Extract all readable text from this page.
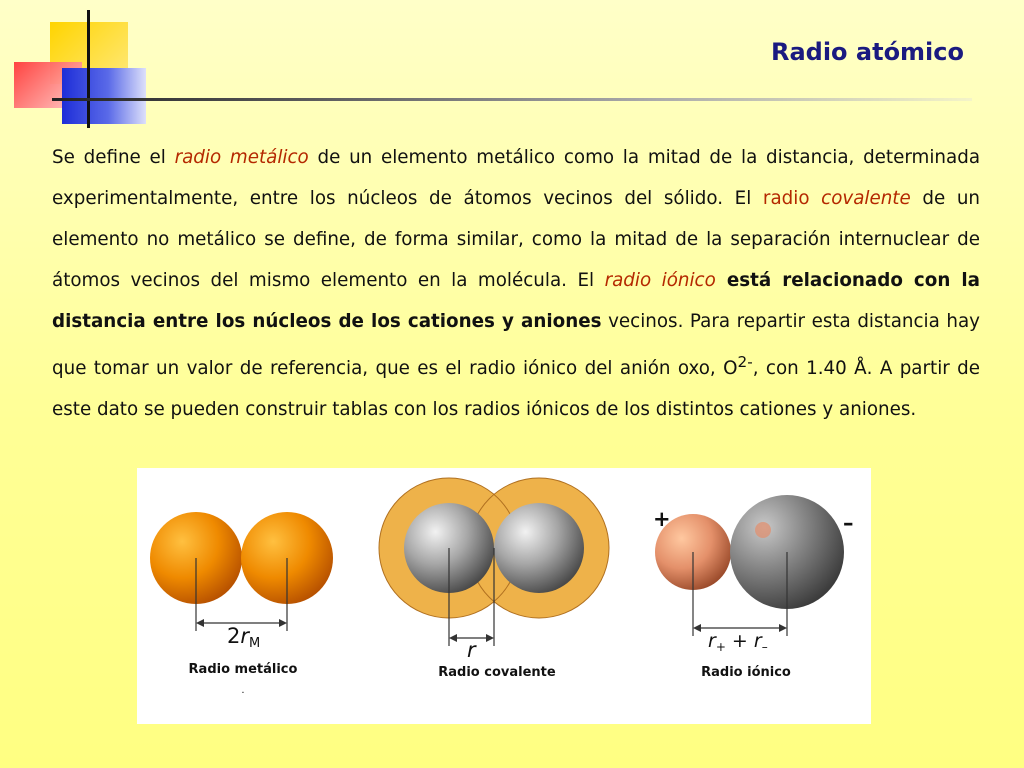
Radio atómico

Se define el radio metálico de un elemento metálico como la mitad de la distancia, determinada experimentalmente, entre los núcleos de átomos vecinos del sólido. El radio covalente de un elemento no metálico se define, de forma similar, como la mitad de la separación internuclear de átomos vecinos del mismo elemento en la molécula. El radio iónico está relacionado con la distancia entre los núcleos de los cationes y aniones vecinos. Para repartir esta distancia hay que tomar un valor de referencia, que es el radio iónico del anión oxo, $O^{2-}$, con 1.40 Å. A partir de este dato se pueden construir tablas con los radios iónicos de los distintos cationes y aniones.

2rM
Radio metálico
.
r
Radio covalente
+	–
$r_+ + r_-$
Radio iónico
